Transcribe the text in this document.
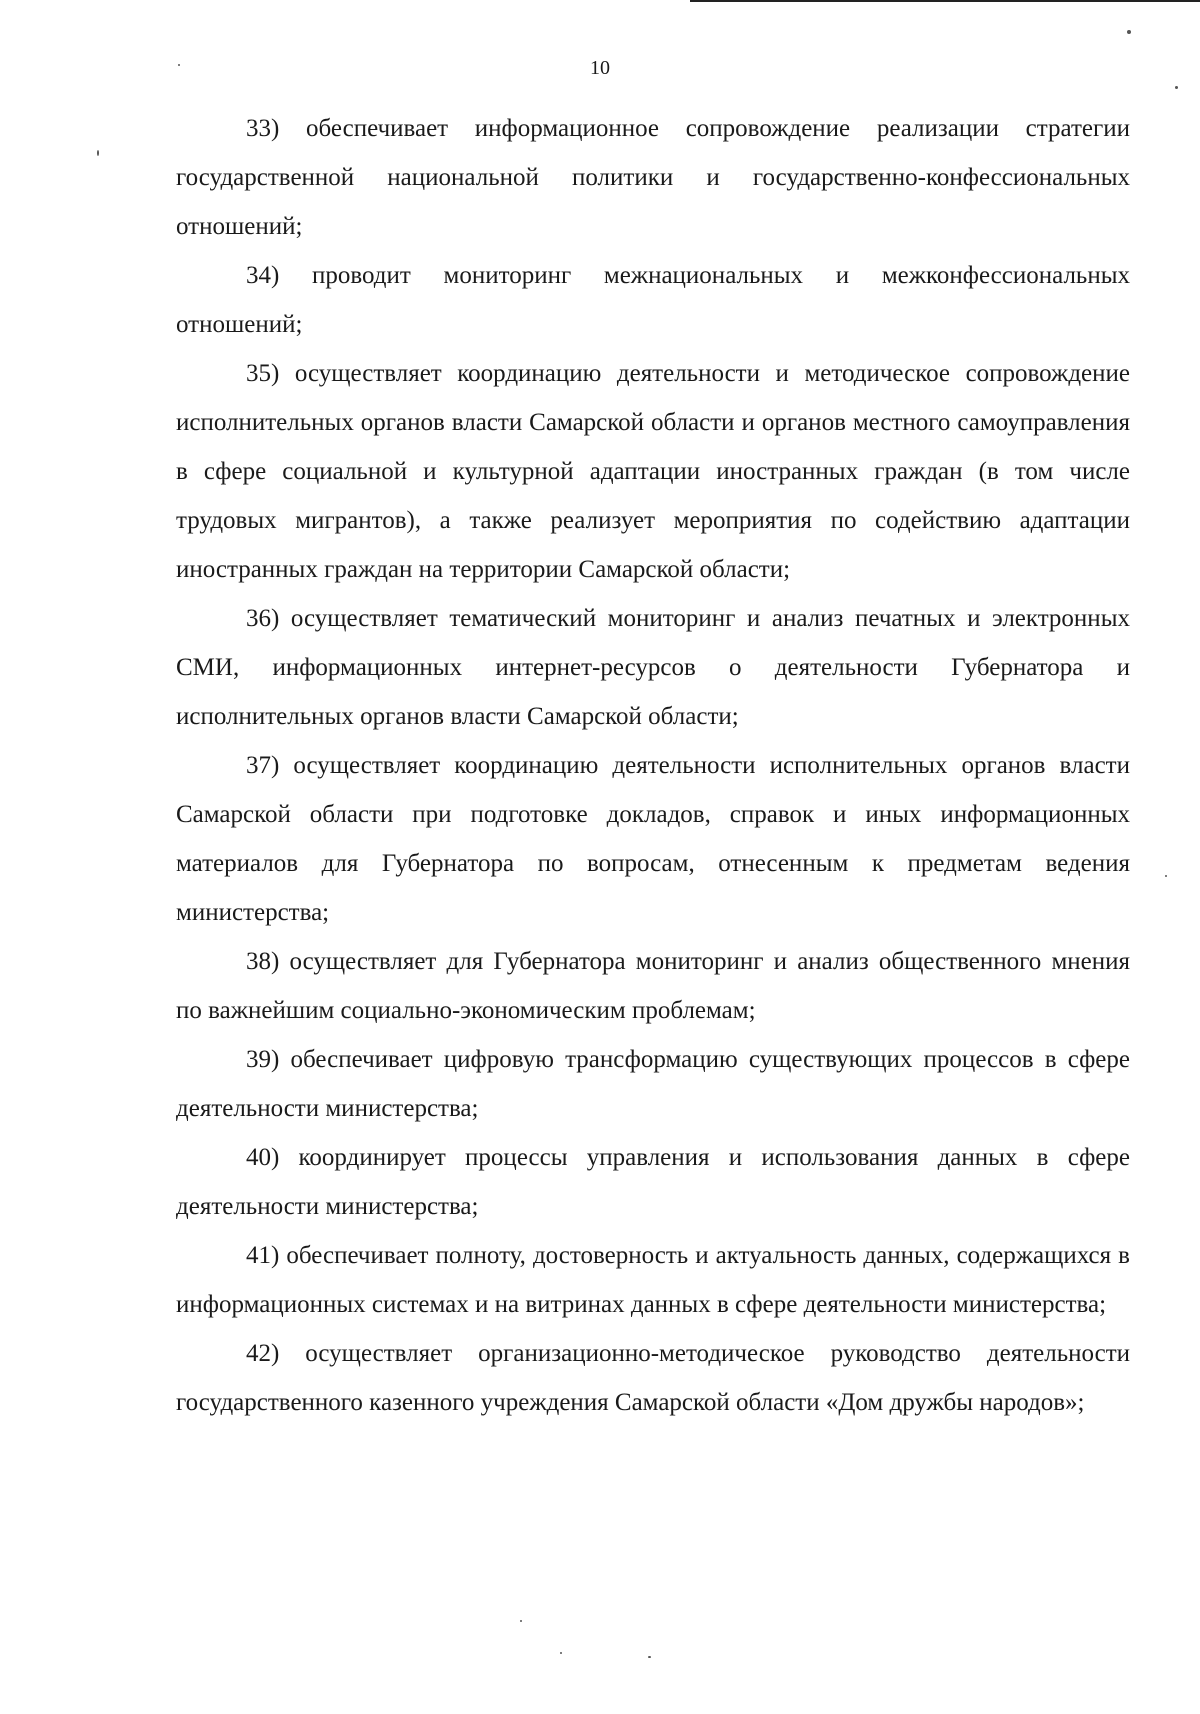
10

33) обеспечивает информационное сопровождение реализации стратегии государственной национальной политики и государственно-конфессиональных отношений;

34) проводит мониторинг межнациональных и межконфессиональных отношений;

35) осуществляет координацию деятельности и методическое сопровождение исполнительных органов власти Самарской области и органов местного самоуправления в сфере социальной и культурной адаптации иностранных граждан (в том числе трудовых мигрантов), а также реализует мероприятия по содействию адаптации иностранных граждан на территории Самарской области;

36) осуществляет тематический мониторинг и анализ печатных и электронных СМИ, информационных интернет-ресурсов о деятельности Губернатора и исполнительных органов власти Самарской области;

37) осуществляет координацию деятельности исполнительных органов власти Самарской области при подготовке докладов, справок и иных информационных материалов для Губернатора по вопросам, отнесенным к предметам ведения министерства;

38) осуществляет для Губернатора мониторинг и анализ общественного мнения по важнейшим социально-экономическим проблемам;

39) обеспечивает цифровую трансформацию существующих процессов в сфере деятельности министерства;

40) координирует процессы управления и использования данных в сфере деятельности министерства;

41) обеспечивает полноту, достоверность и актуальность данных, содержащихся в информационных системах и на витринах данных в сфере деятельности министерства;

42) осуществляет организационно-методическое руководство деятельности государственного казенного учреждения Самарской области «Дом дружбы народов»;
